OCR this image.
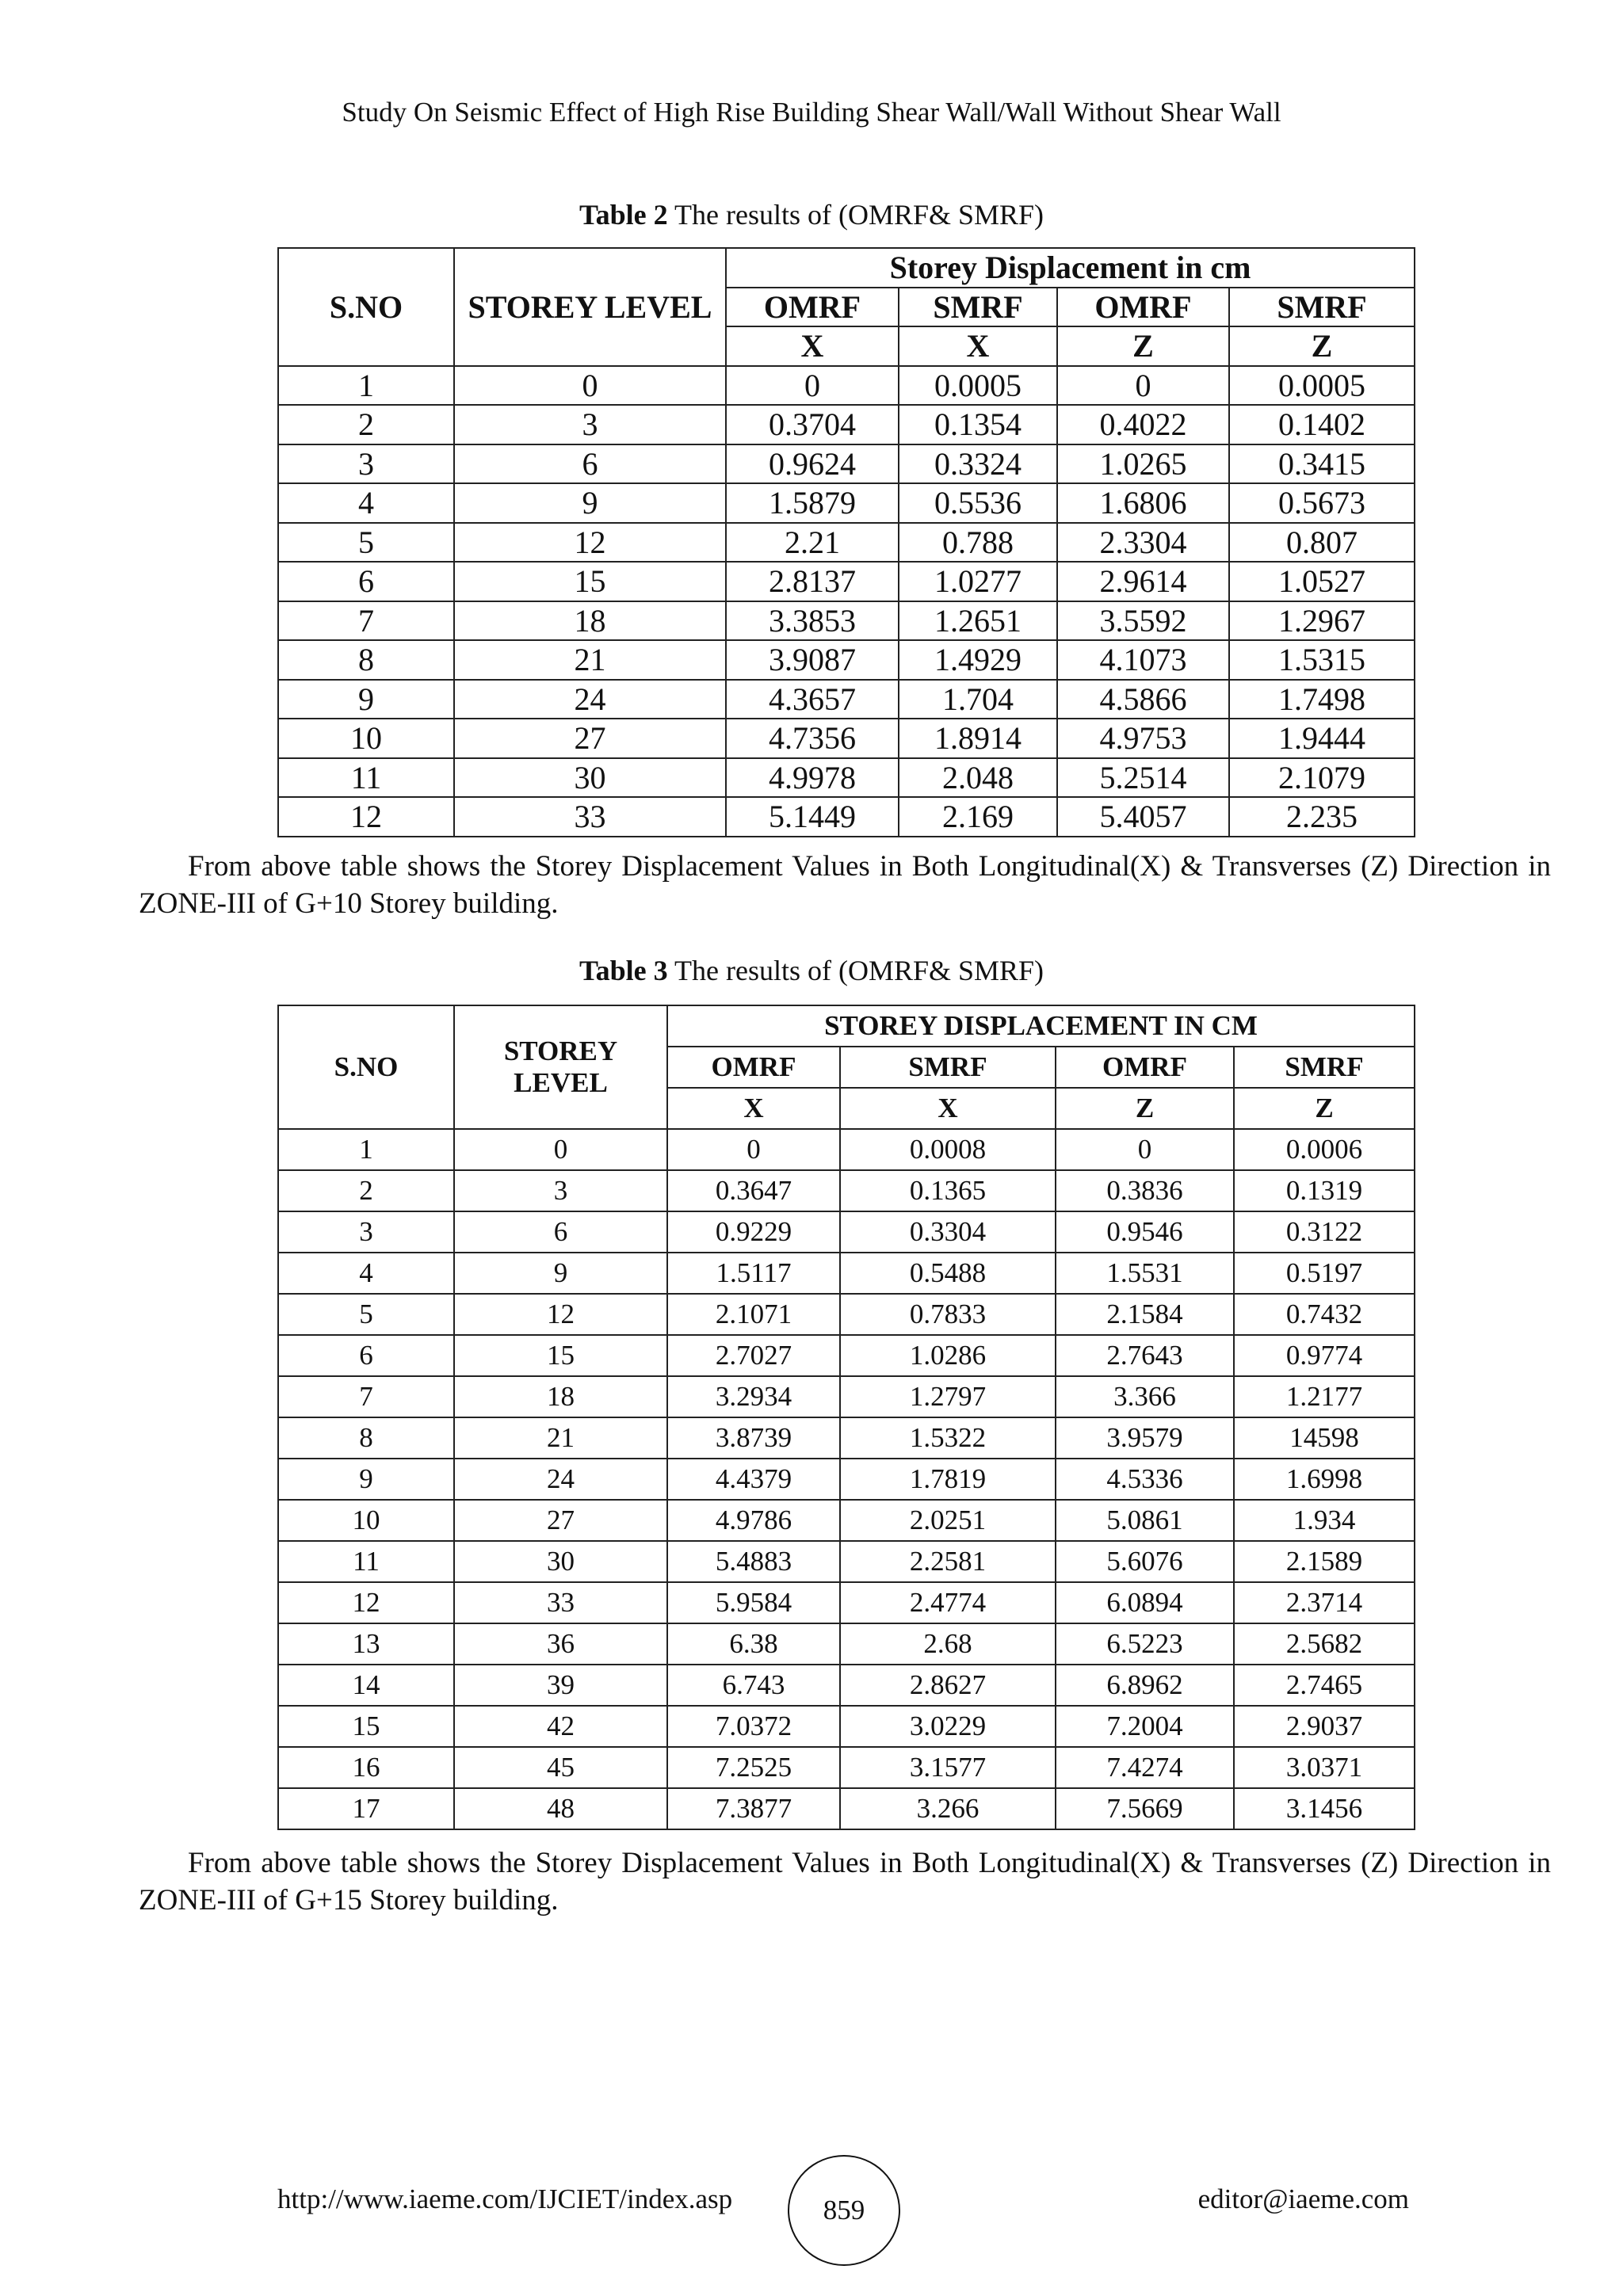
Study On Seismic Effect of High Rise Building Shear Wall/Wall Without Shear Wall
Table 2 The results of (OMRF& SMRF)
S.NO	STOREY LEVEL	Storey Displacement in cm			
		OMRF	SMRF	OMRF	SMRF
		X	X	Z	Z
1	0	0	0.0005	0	0.0005
2	3	0.3704	0.1354	0.4022	0.1402
3	6	0.9624	0.3324	1.0265	0.3415
4	9	1.5879	0.5536	1.6806	0.5673
5	12	2.21	0.788	2.3304	0.807
6	15	2.8137	1.0277	2.9614	1.0527
7	18	3.3853	1.2651	3.5592	1.2967
8	21	3.9087	1.4929	4.1073	1.5315
9	24	4.3657	1.704	4.5866	1.7498
10	27	4.7356	1.8914	4.9753	1.9444
11	30	4.9978	2.048	5.2514	2.1079
12	33	5.1449	2.169	5.4057	2.235
From above table shows the Storey Displacement Values in Both Longitudinal(X) & Transverses (Z) Direction in ZONE-III of G+10 Storey building.
Table 3 The results of (OMRF& SMRF)
S.NO	STOREY LEVEL	STOREY DISPLACEMENT IN CM			
		OMRF	SMRF	OMRF	SMRF
		X	X	Z	Z
1	0	0	0.0008	0	0.0006
2	3	0.3647	0.1365	0.3836	0.1319
3	6	0.9229	0.3304	0.9546	0.3122
4	9	1.5117	0.5488	1.5531	0.5197
5	12	2.1071	0.7833	2.1584	0.7432
6	15	2.7027	1.0286	2.7643	0.9774
7	18	3.2934	1.2797	3.366	1.2177
8	21	3.8739	1.5322	3.9579	14598
9	24	4.4379	1.7819	4.5336	1.6998
10	27	4.9786	2.0251	5.0861	1.934
11	30	5.4883	2.2581	5.6076	2.1589
12	33	5.9584	2.4774	6.0894	2.3714
13	36	6.38	2.68	6.5223	2.5682
14	39	6.743	2.8627	6.8962	2.7465
15	42	7.0372	3.0229	7.2004	2.9037
16	45	7.2525	3.1577	7.4274	3.0371
17	48	7.3877	3.266	7.5669	3.1456
From above table shows the Storey Displacement Values in Both Longitudinal(X) & Transverses (Z) Direction in ZONE-III of G+15 Storey building.
http://www.iaeme.com/IJCIET/index.asp	859	editor@iaeme.com
